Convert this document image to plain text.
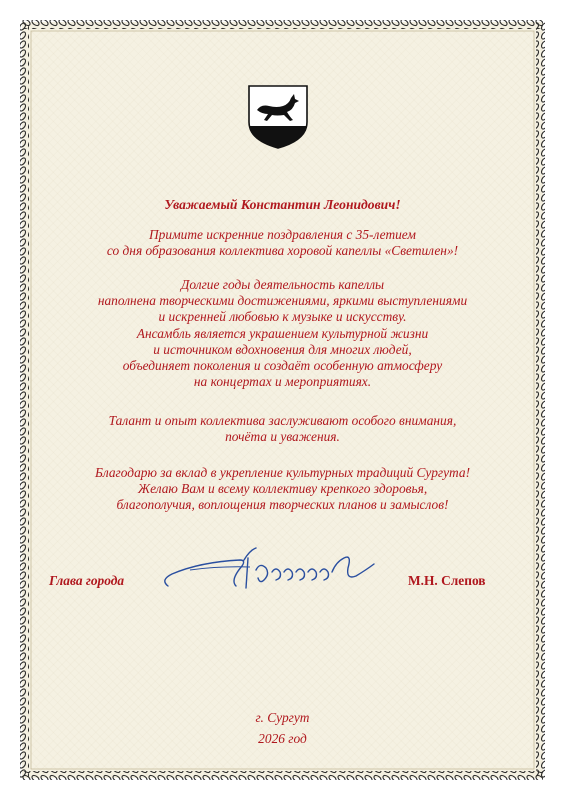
Уважаемый Константин Леонидович!
Примите искренние поздравления с 35-летием
со дня образования коллектива хоровой капеллы «Светилен»!
Долгие годы деятельность капеллы
наполнена творческими достижениями, яркими выступлениями
и искренней любовью к музыке и искусству.
Ансамбль является украшением культурной жизни
и источником вдохновения для многих людей,
объединяет поколения и создаёт особенную атмосферу
на концертах и мероприятиях.
Талант и опыт коллектива заслуживают особого внимания,
почёта и уважения.
Благодарю за вклад в укрепление культурных традиций Сургута!
Желаю Вам и всему коллективу крепкого здоровья,
благополучия, воплощения творческих планов и замыслов!
Глава города	М.Н. Слепов
г. Сургут
2026 год
